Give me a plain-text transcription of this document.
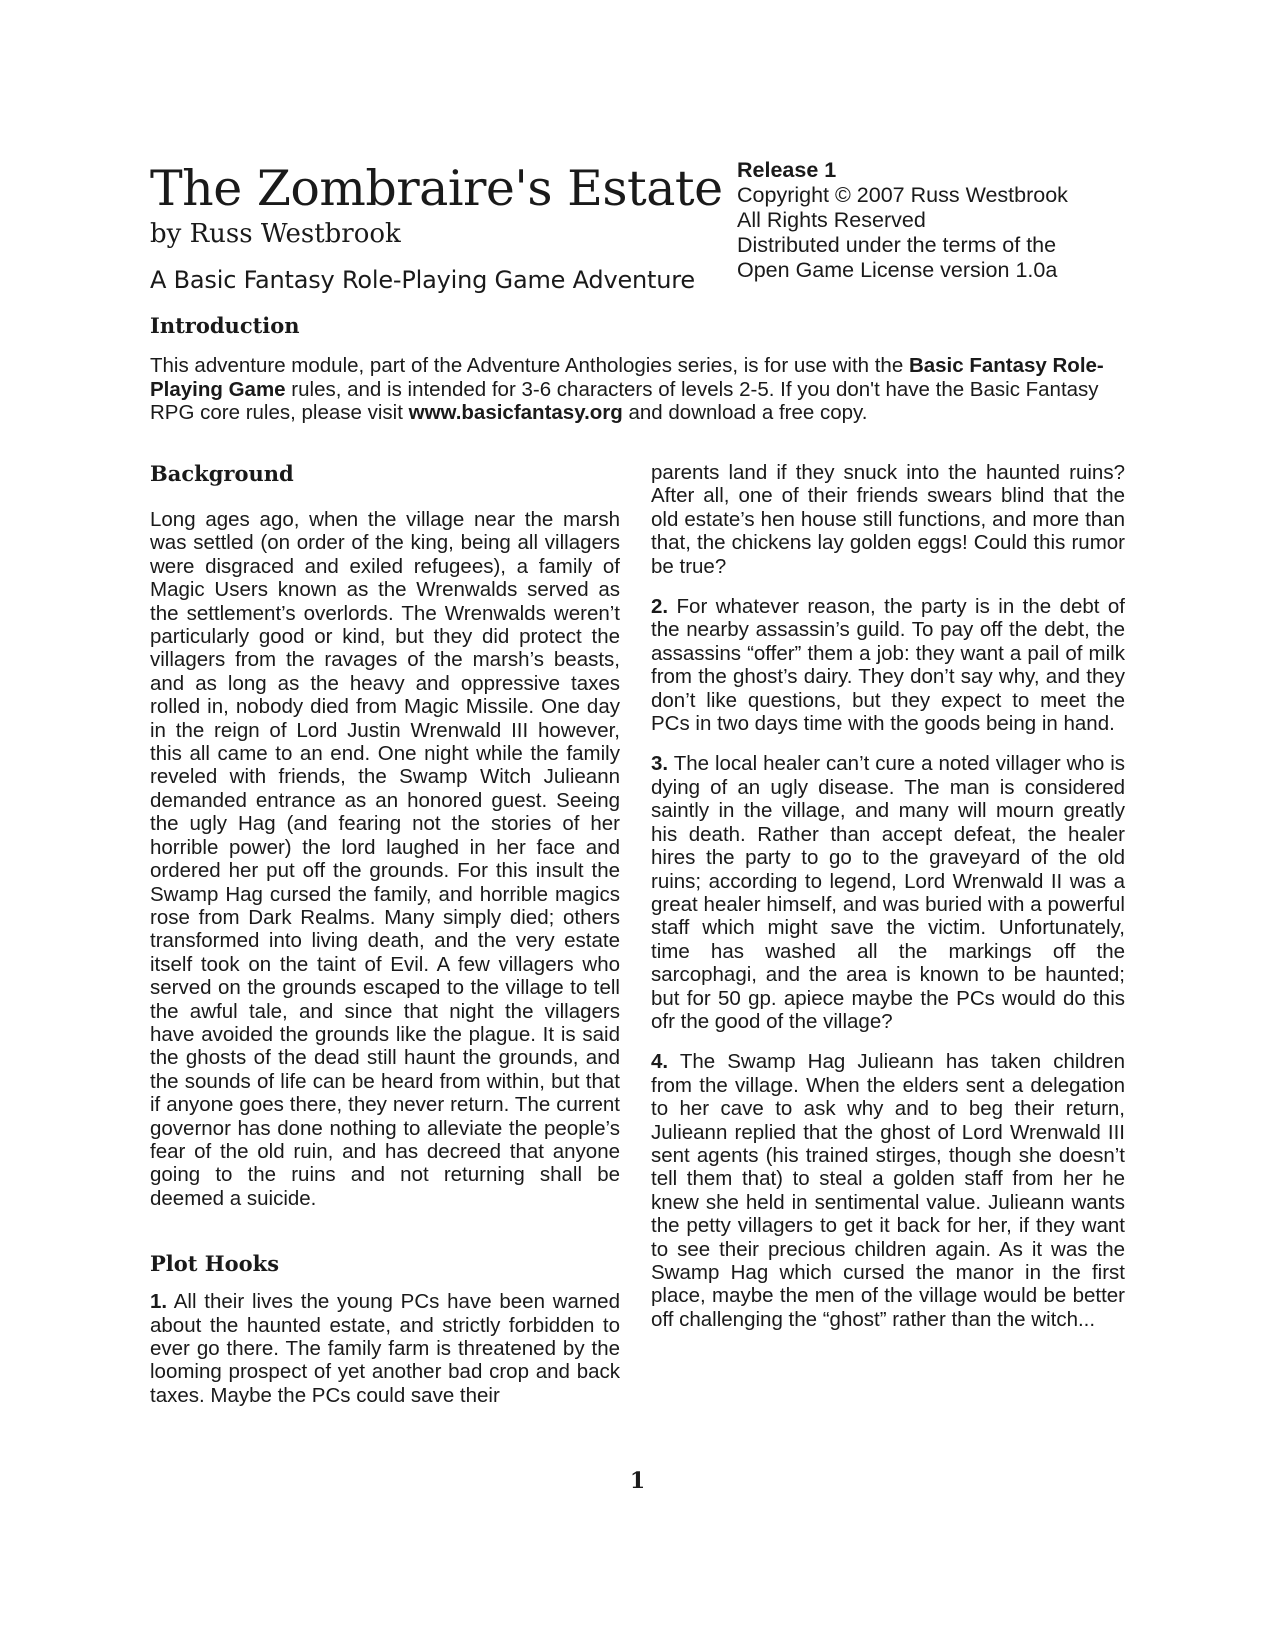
The Zombraire's Estate
by Russ Westbrook
A Basic Fantasy Role-Playing Game Adventure
Release 1
Copyright © 2007 Russ Westbrook
All Rights Reserved
Distributed under the terms of the
Open Game License version 1.0a
Introduction

This adventure module, part of the Adventure Anthologies series, is for use with the Basic Fantasy Role-Playing Game rules, and is intended for 3-6 characters of levels 2-5. If you don't have the Basic Fantasy RPG core rules, please visit www.basicfantasy.org and download a free copy.

Background

Long ages ago, when the village near the marsh was settled (on order of the king, being all villagers were disgraced and exiled refugees), a family of Magic Users known as the Wrenwalds served as the settlement’s overlords. The Wrenwalds weren’t particularly good or kind, but they did protect the villagers from the ravages of the marsh’s beasts, and as long as the heavy and oppressive taxes rolled in, nobody died from Magic Missile. One day in the reign of Lord Justin Wrenwald III however, this all came to an end. One night while the family reveled with friends, the Swamp Witch Julieann demanded entrance as an honored guest. Seeing the ugly Hag (and fearing not the stories of her horrible power) the lord laughed in her face and ordered her put off the grounds. For this insult the Swamp Hag cursed the family, and horrible magics rose from Dark Realms. Many simply died; others transformed into living death, and the very estate itself took on the taint of Evil. A few villagers who served on the grounds escaped to the village to tell the awful tale, and since that night the villagers have avoided the grounds like the plague. It is said the ghosts of the dead still haunt the grounds, and the sounds of life can be heard from within, but that if anyone goes there, they never return. The current governor has done nothing to alleviate the people’s fear of the old ruin, and has decreed that anyone going to the ruins and not returning shall be deemed a suicide.

Plot Hooks

1. All their lives the young PCs have been warned about the haunted estate, and strictly forbidden to ever go there. The family farm is threatened by the looming prospect of yet another bad crop and back taxes. Maybe the PCs could save their

parents land if they snuck into the haunted ruins? After all, one of their friends swears blind that the old estate’s hen house still functions, and more than that, the chickens lay golden eggs! Could this rumor be true?

2. For whatever reason, the party is in the debt of the nearby assassin’s guild. To pay off the debt, the assassins “offer” them a job: they want a pail of milk from the ghost’s dairy. They don’t say why, and they don’t like questions, but they expect to meet the PCs in two days time with the goods being in hand.

3. The local healer can’t cure a noted villager who is dying of an ugly disease. The man is considered saintly in the village, and many will mourn greatly his death. Rather than accept defeat, the healer hires the party to go to the graveyard of the old ruins; according to legend, Lord Wrenwald II was a great healer himself, and was buried with a powerful staff which might save the victim. Unfortunately, time has washed all the markings off the sarcophagi, and the area is known to be haunted; but for 50 gp. apiece maybe the PCs would do this ofr the good of the village?

4. The Swamp Hag Julieann has taken children from the village. When the elders sent a delegation to her cave to ask why and to beg their return, Julieann replied that the ghost of Lord Wrenwald III sent agents (his trained stirges, though she doesn’t tell them that) to steal a golden staff from her he knew she held in sentimental value. Julieann wants the petty villagers to get it back for her, if they want to see their precious children again. As it was the Swamp Hag which cursed the manor in the first place, maybe the men of the village would be better off challenging the “ghost” rather than the witch...

1
